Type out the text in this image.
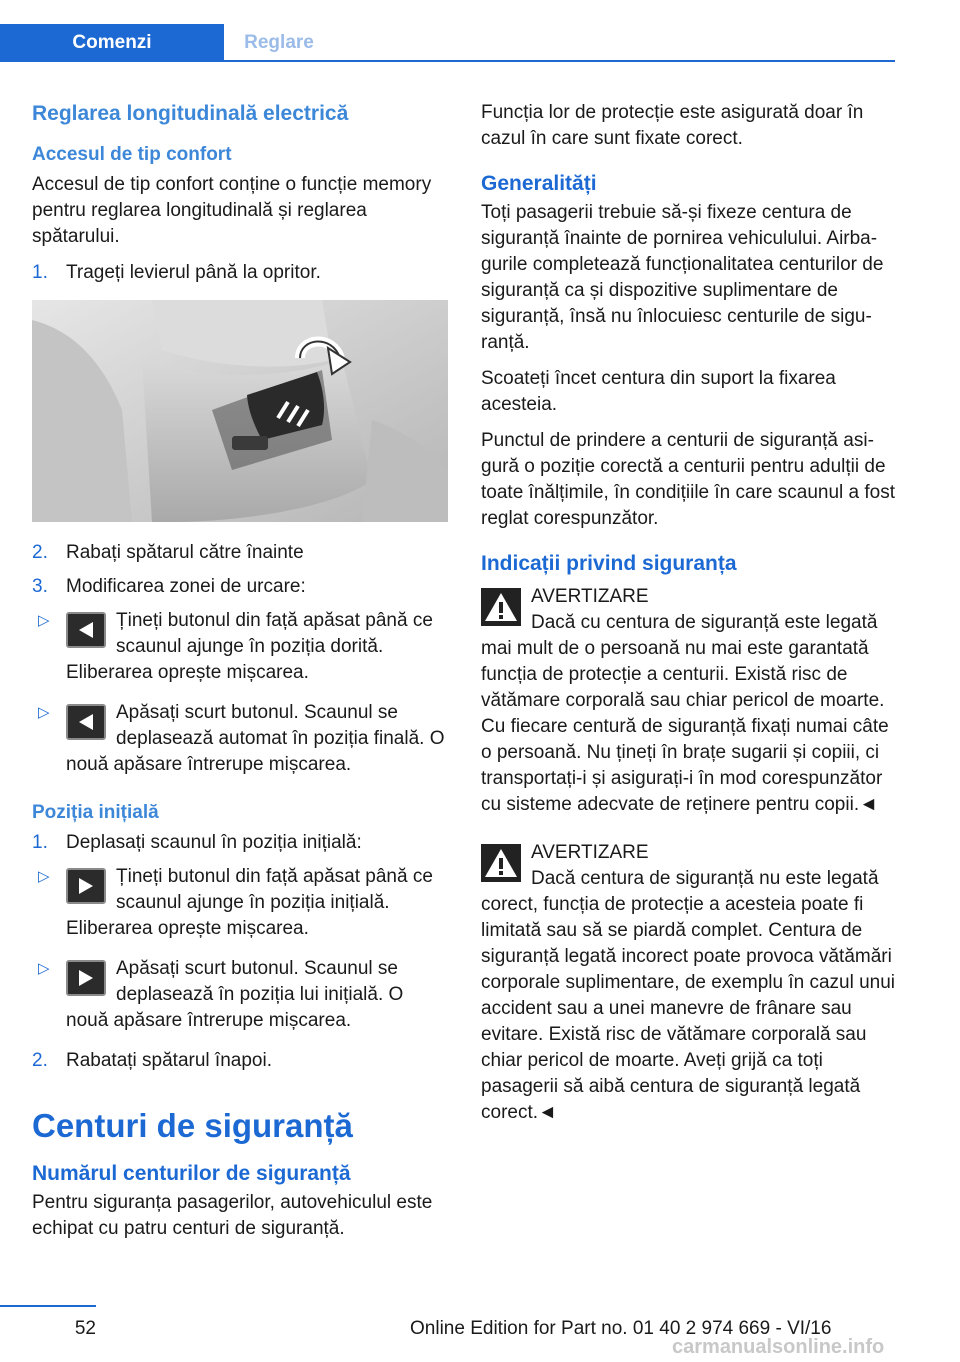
Comenzi	Reglare
Reglarea longitudinală electrică
Accesul de tip confort

Accesul de tip confort conține o funcție memory pentru reglarea longitudinală și reglarea spătarului.

1. Trageți levierul până la opritor.
2. Rabați spătarul către înainte
3. Modificarea zonei de urcare:
▷	Țineți butonul din față apăsat până ce scaunul ajunge în poziția dorită. Eliberarea oprește mișcarea.
▷	Apăsați scurt butonul. Scaunul se deplasează automat în poziția finală. O nouă apăsare întrerupe mișcarea.
Poziția inițială
1. Deplasați scaunul în poziția inițială:
▷	Țineți butonul din față apăsat până ce scaunul ajunge în poziția inițială. Eliberarea oprește mișcarea.
▷	Apăsați scurt butonul. Scaunul se deplasează în poziția lui inițială. O nouă apăsare întrerupe mișcarea.
2. Rabatați spătarul înapoi.
Centuri de siguranță
Numărul centurilor de siguranță

Pentru siguranța pasagerilor, autovehiculul este echipat cu patru centuri de siguranță.

Funcția lor de protecție este asigurată doar în cazul în care sunt fixate corect.

Generalități

Toți pasagerii trebuie să-și fixeze centura de siguranță înainte de pornirea vehiculului. Airbagurile completează funcționalitatea centurilor de siguranță ca și dispozitive suplimentare de siguranță, însă nu înlocuiesc centurile de siguranță.

Scoateți încet centura din suport la fixarea acesteia.

Punctul de prindere a centurii de siguranță asigură o poziție corectă a centurii pentru adulții de toate înălțimile, în condițiile în care scaunul a fost reglat corespunzător.

Indicații privind siguranța
AVERTIZARE
Dacă cu centura de siguranță este legată mai mult de o persoană nu mai este garantată funcția de protecție a centurii. Există risc de vătămare corporală sau chiar pericol de moarte. Cu fiecare centură de siguranță fixați numai câte o persoană. Nu țineți în brațe sugarii și copiii, ci transportați-i și asigurați-i în mod corespunzător cu sisteme adecvate de reținere pentru copii.◄
AVERTIZARE
Dacă centura de siguranță nu este legată corect, funcția de protecție a acesteia poate fi limitată sau să se piardă complet. Centura de siguranță legată incorect poate provoca vătămări corporale suplimentare, de exemplu în cazul unui accident sau a unei manevre de frânare sau evitare. Există risc de vătămare corporală sau chiar pericol de moarte. Aveți grijă ca toți pasagerii să aibă centura de siguranță legată corect.◄
52	Online Edition for Part no. 01 40 2 974 669 - VI/16
carmanualsonline.info
